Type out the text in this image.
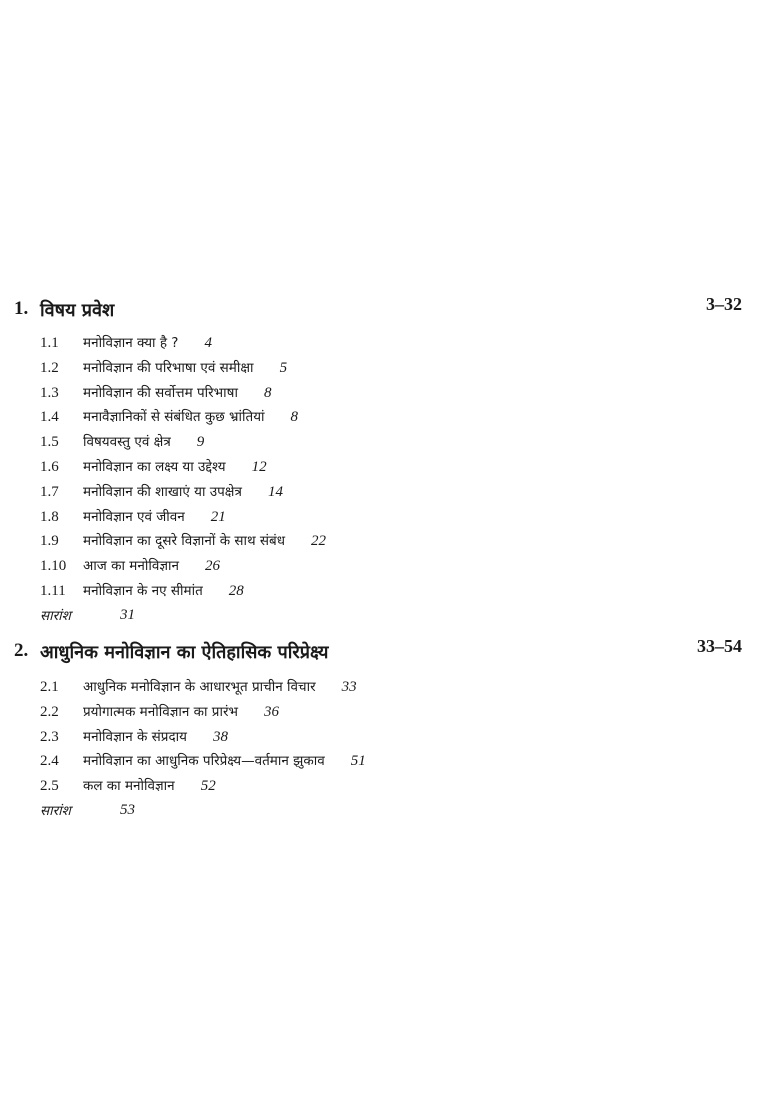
1. विषय प्रवेश	3–32
1.1 मनोविज्ञान क्या है ? 4
1.2 मनोविज्ञान की परिभाषा एवं समीक्षा 5
1.3 मनोविज्ञान की सर्वोत्तम परिभाषा 8
1.4 मनावैज्ञानिकों से संबंधित कुछ भ्रांतियां 8
1.5 विषयवस्तु एवं क्षेत्र 9
1.6 मनोविज्ञान का लक्ष्य या उद्देश्य 12
1.7 मनोविज्ञान की शाखाएं या उपक्षेत्र 14
1.8 मनोविज्ञान एवं जीवन 21
1.9 मनोविज्ञान का दूसरे विज्ञानों के साथ संबंध 22
1.10 आज का मनोविज्ञान 26
1.11 मनोविज्ञान के नए सीमांत 28
सारांश	31
2. आधुनिक मनोविज्ञान का ऐतिहासिक परिप्रेक्ष्य	33–54
2.1 आधुनिक मनोविज्ञान के आधारभूत प्राचीन विचार 33
2.2 प्रयोगात्मक मनोविज्ञान का प्रारंभ 36
2.3 मनोविज्ञान के संप्रदाय 38
2.4 मनोविज्ञान का आधुनिक परिप्रेक्ष्य—वर्तमान झुकाव 51
2.5 कल का मनोविज्ञान 52
सारांश	53
